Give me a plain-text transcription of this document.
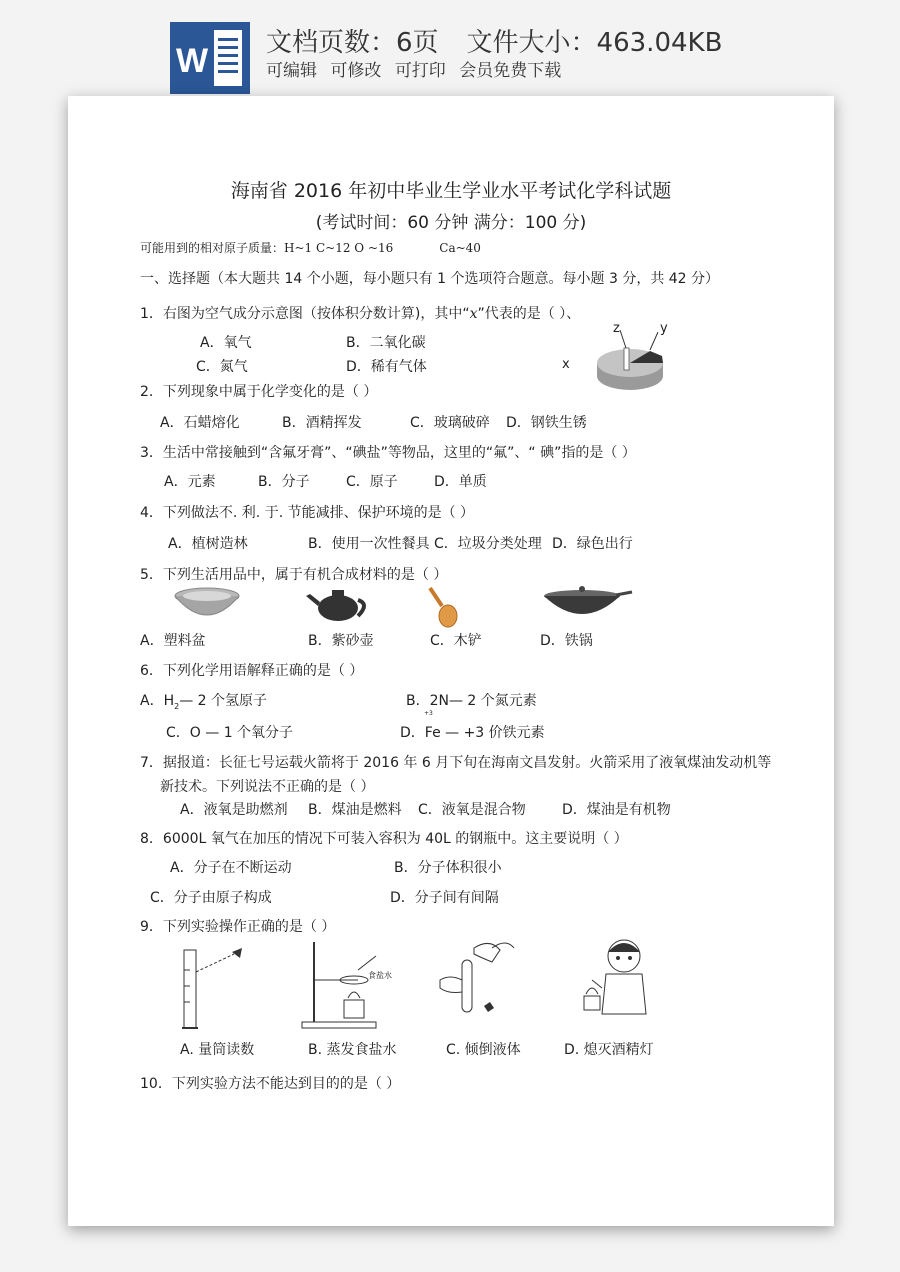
W 文档页数：6页 文件大小：463.04KB
可编辑 可修改 可打印 会员免费下载
海南省 2016 年初中毕业生学业水平考试化学科试题
(考试时间：60 分钟 满分：100 分)
可能用到的相对原子质量：H~1 C~12 O ~16	Ca~40
一、选择题（本大题共 14 个小题，每小题只有 1 个选项符合题意。每小题 3 分，共 42 分）
1．右图为空气成分示意图（按体积分数计算)，其中“x”代表的是（ ）、
A．氧气	B．二氧化碳
C．氮气	D．稀有气体
z	y
x
2．下列现象中属于化学变化的是（ ）
A．石蜡熔化	B．酒精挥发	C．玻璃破碎 D．钢铁生锈
3．生活中常接触到“含氟牙膏”、“碘盐”等物品，这里的“氟”、“ 碘”指的是（ ）
A．元素	B．分子	C．原子	D．单质
4．下列做法不. 利. 于. 节能减排、保护环境的是（ ）
A．植树造林	B．使用一次性餐具 C．垃圾分类处理 D．绿色出行
5．下列生活用品中，属于有机合成材料的是（ ）
A．塑料盆	B．紫砂壶	C．木铲	D．铁锅
6．下列化学用语解释正确的是（ ）
A．$H_2—$ 2 个氢原子	B．2N— 2 个氮元素
C．O — 1 个氧分子
+3
D．Fe — +3 价铁元素
7．据报道：长征七号运载火箭将于 2016 年 6 月下旬在海南文昌发射。火箭采用了液氧煤油发动机等
新技术。下列说法不正确的是（ ）
A．液氧是助燃剂 B．煤油是燃料 C．液氧是混合物	D．煤油是有机物
8．6000L 氧气在加压的情况下可装入容积为 40L 的钢瓶中。这主要说明（ ）
A．分子在不断运动	B．分子体积很小
C．分子由原子构成	D．分子间有间隔
9．下列实验操作正确的是（ ）
食盐水
A. 量筒读数	B. 蒸发食盐水	C. 倾倒液体	D. 熄灭酒精灯
10．下列实验方法不能达到目的的是（ ）
